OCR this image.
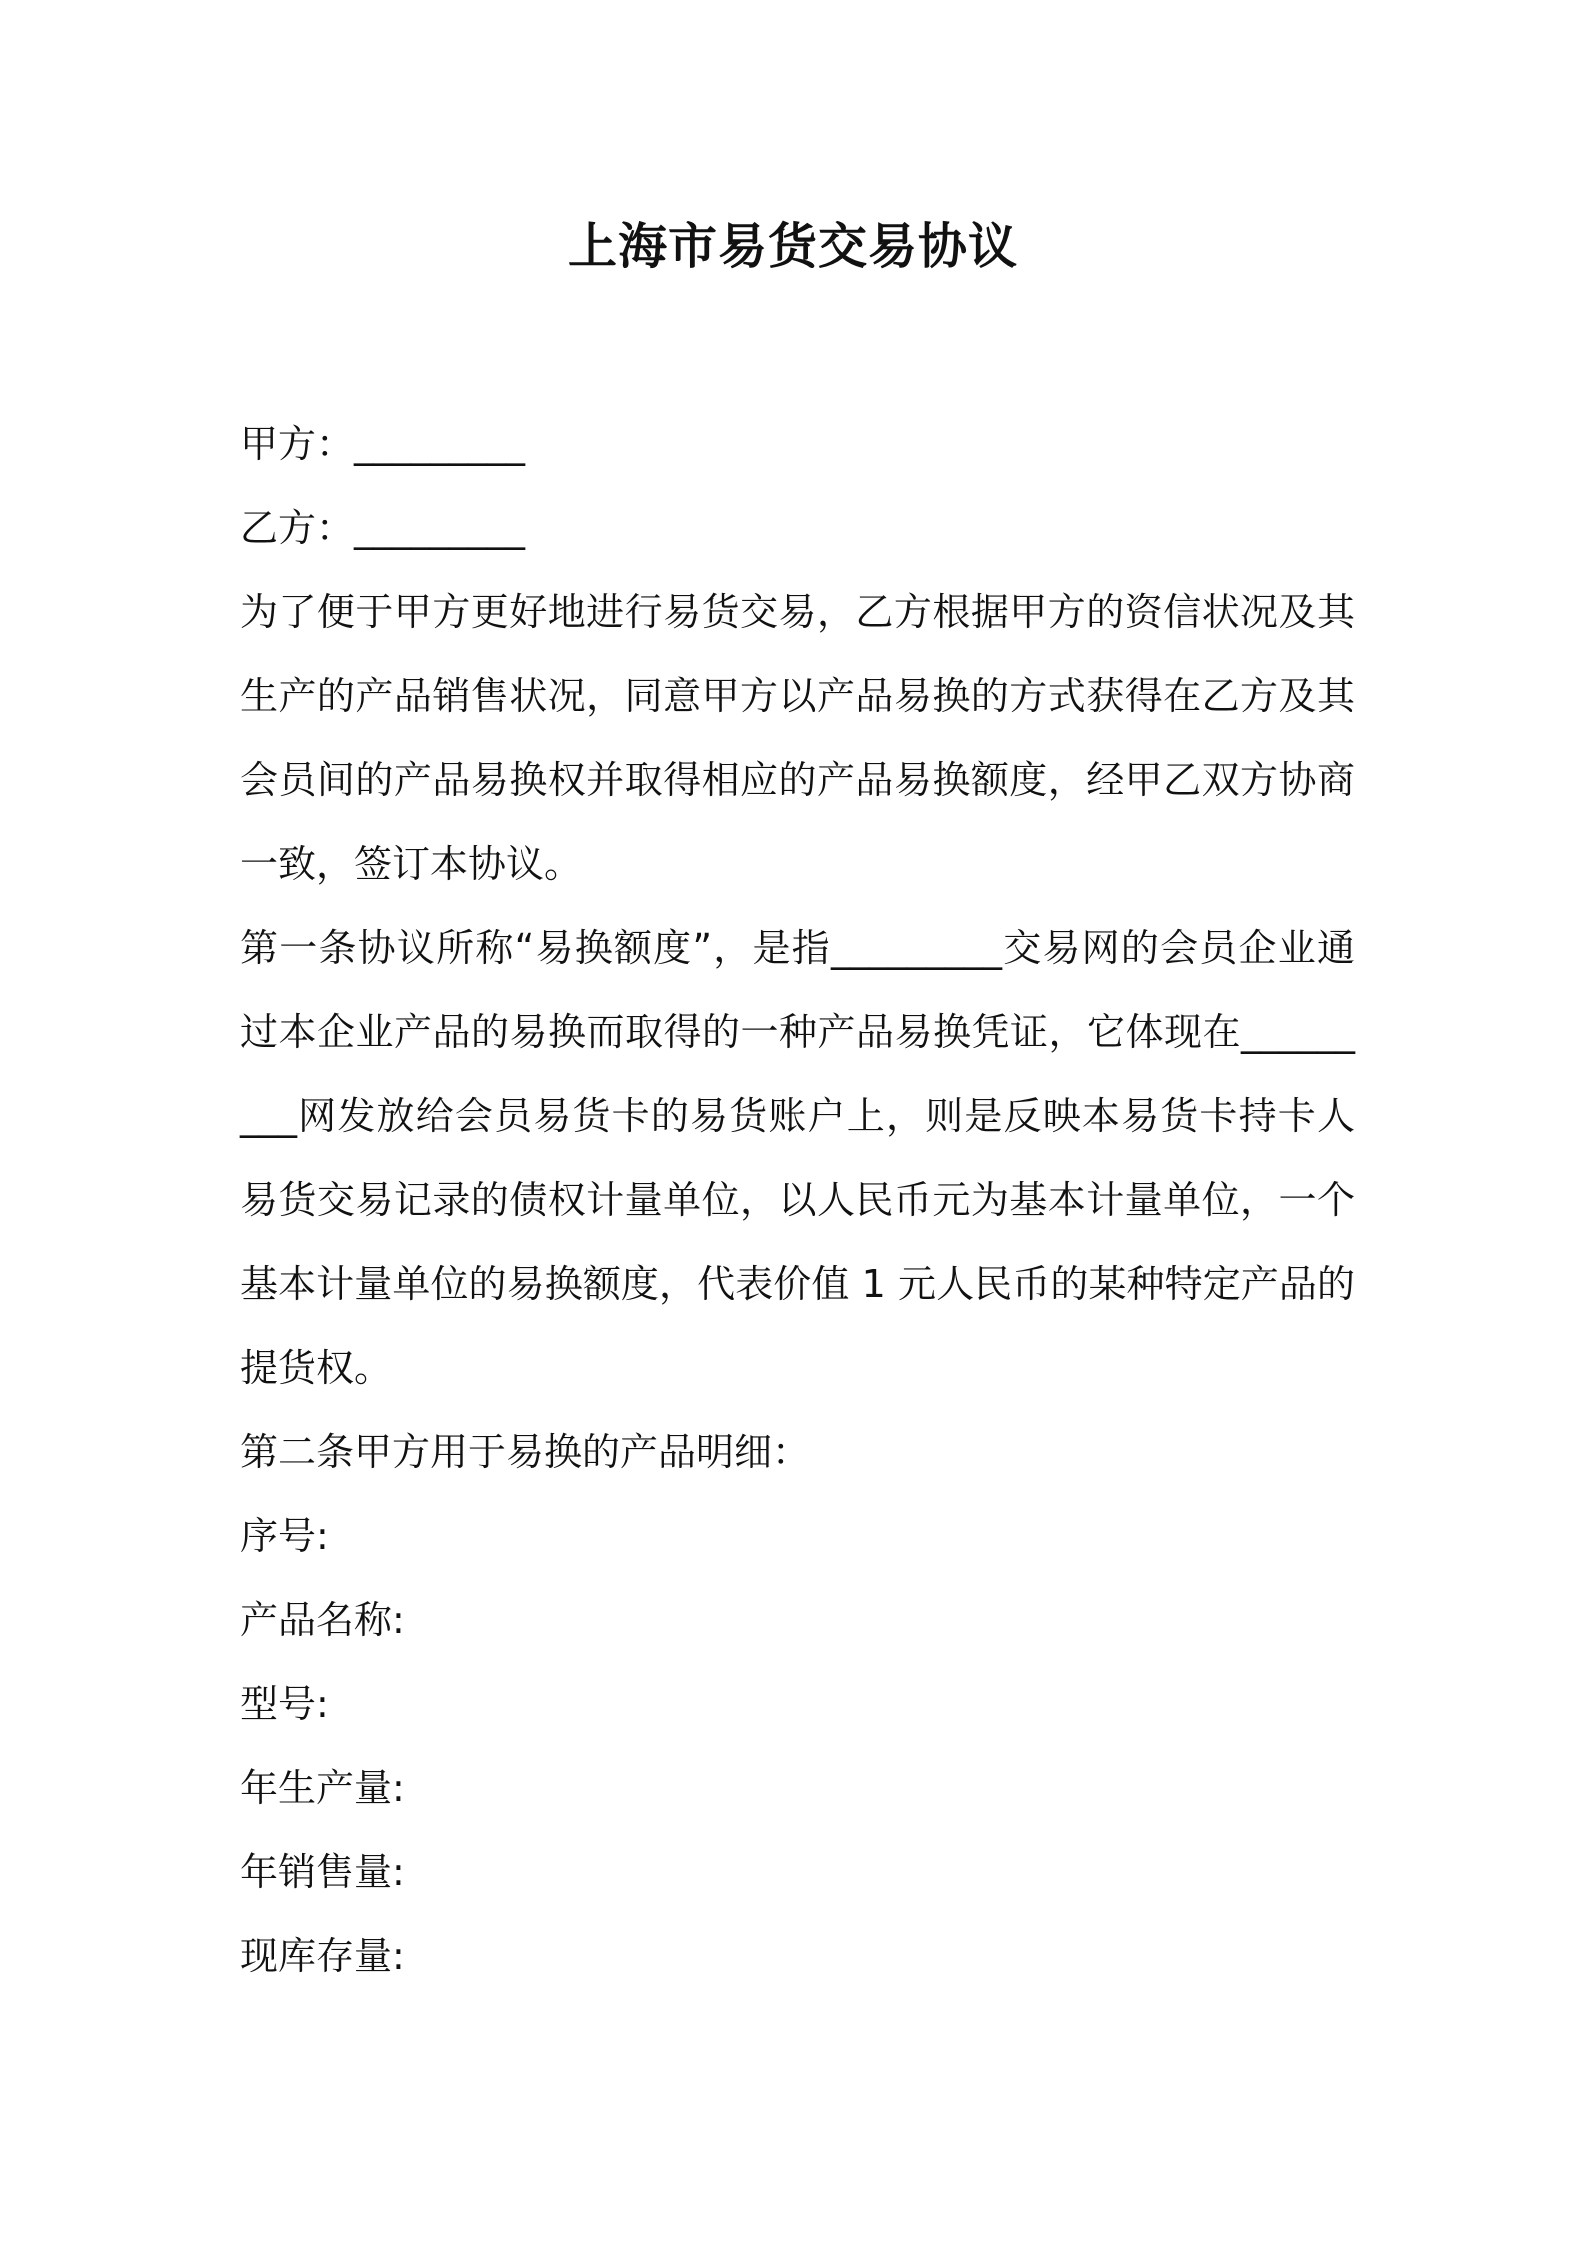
上海市易货交易协议

甲方：_________

乙方：_________

为了便于甲方更好地进行易货交易，乙方根据甲方的资信状况及其生产的产品销售状况，同意甲方以产品易换的方式获得在乙方及其会员间的产品易换权并取得相应的产品易换额度，经甲乙双方协商一致，签订本协议。

第一条协议所称“易换额度”，是指_________交易网的会员企业通过本企业产品的易换而取得的一种产品易换凭证，它体现在_________网发放给会员易货卡的易货账户上，则是反映本易货卡持卡人易货交易记录的债权计量单位，以人民币元为基本计量单位，一个基本计量单位的易换额度，代表价值 1 元人民币的某种特定产品的提货权。

第二条甲方用于易换的产品明细：

序号:

产品名称:

型号:

年生产量:

年销售量:

现库存量:
